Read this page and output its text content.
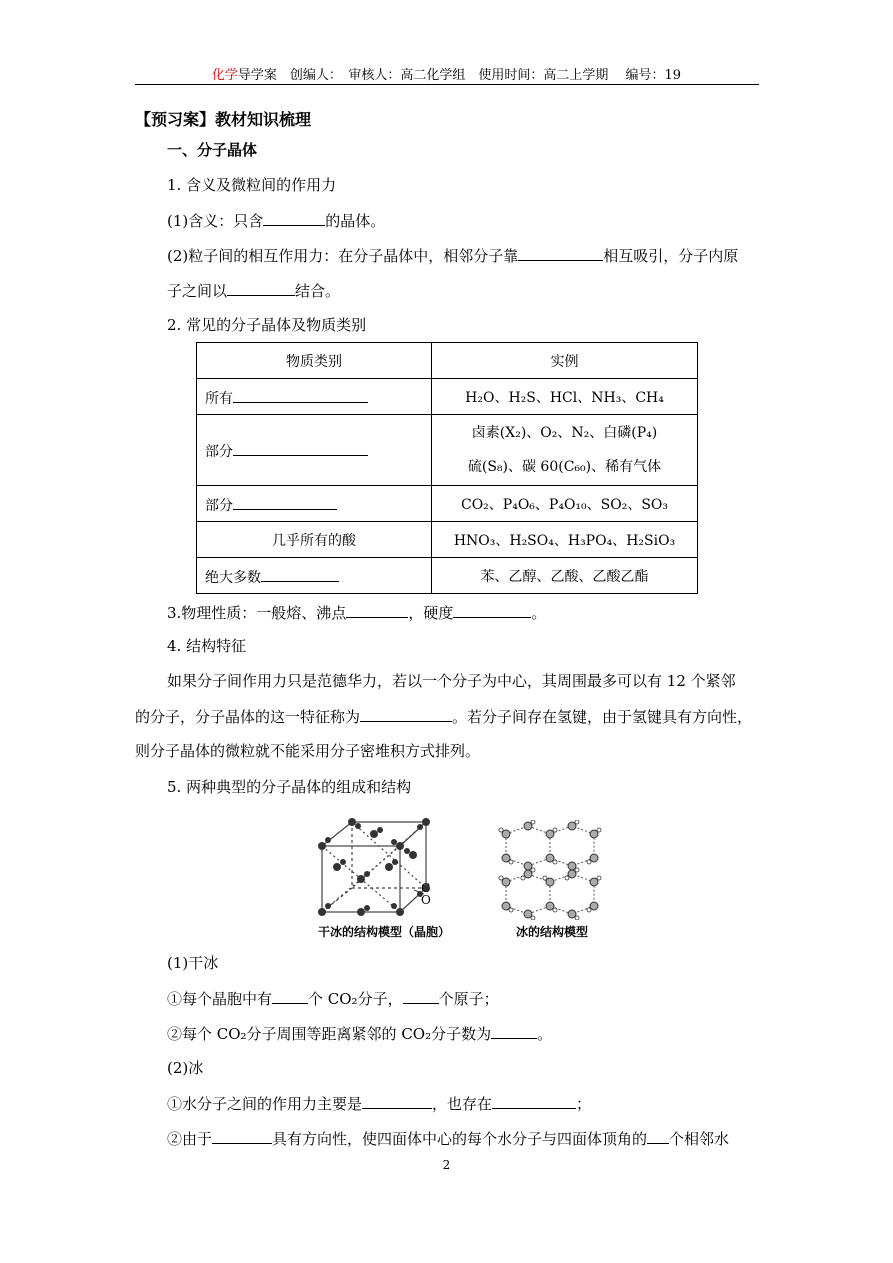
化学导学案　创编人：　审核人：高二化学组　使用时间：高二上学期　 编号：19
【预习案】教材知识梳理
一、分子晶体
1. 含义及微粒间的作用力
(1)含义：只含	的晶体。
(2)粒子间的相互作用力：在分子晶体中，相邻分子靠	相互吸引，分子内原
子之间以	结合。
2. 常见的分子晶体及物质类别
物质类别	实例
所有	H₂O、H₂S、HCl、NH₃、CH₄
部分	卤素(X₂)、O₂、N₂、白磷(P₄)
硫(S₈)、碳 60(C₆₀)、稀有气体

部分	CO₂、P₄O₆、P₄O₁₀、SO₂、SO₃
几乎所有的酸	HNO₃、H₂SO₄、H₃PO₄、H₂SiO₃
绝大多数	苯、乙醇、乙酸、乙酸乙酯
3.物理性质：一般熔、沸点	，硬度	。
4. 结构特征
如果分子间作用力只是范德华力，若以一个分子为中心，其周围最多可以有 12 个紧邻
的分子，分子晶体的这一特征称为	。若分子间存在氢键，由于氢键具有方向性，
则分子晶体的微粒就不能采用分子密堆积方式排列。
5. 两种典型的分子晶体的组成和结构
C
O
干冰的结构模型（晶胞）	冰的结构模型
(1)干冰
①每个晶胞中有 个 CO₂分子， 个原子；
②每个 CO₂分子周围等距离紧邻的 CO₂分子数为	。
(2)冰
①水分子之间的作用力主要是	，也存在	；
②由于	具有方向性，使四面体中心的每个水分子与四面体顶角的 个相邻水
2
